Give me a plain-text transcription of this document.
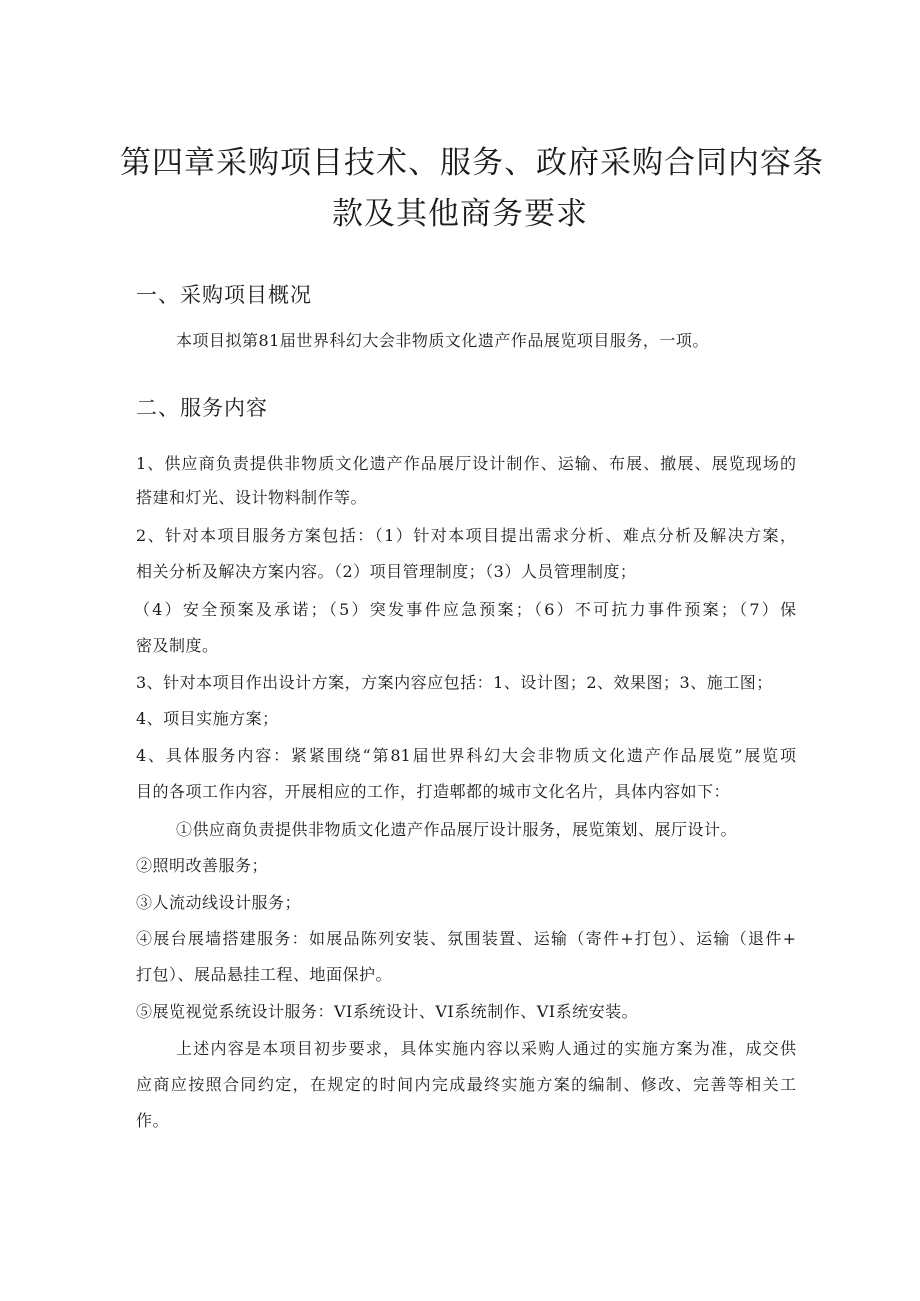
第四章采购项目技术、服务、政府采购合同内容条
款及其他商务要求
一、采购项目概况
本项目拟第81届世界科幻大会非物质文化遗产作品展览项目服务，一项。
二、服务内容
1、供应商负责提供非物质文化遗产作品展厅设计制作、运输、布展、撤展、展览现场的
搭建和灯光、设计物料制作等。
2、针对本项目服务方案包括：（1）针对本项目提出需求分析、难点分析及解决方案，
相关分析及解决方案内容。（2）项目管理制度；（3）人员管理制度；
（4）安全预案及承诺；（5）突发事件应急预案；（6）不可抗力事件预案；（7）保
密及制度。
3、针对本项目作出设计方案，方案内容应包括：1、设计图；2、效果图；3、施工图；
4、项目实施方案；
4、具体服务内容：紧紧围绕“第81届世界科幻大会非物质文化遗产作品展览”展览项
目的各项工作内容，开展相应的工作，打造郫都的城市文化名片，具体内容如下：
①供应商负责提供非物质文化遗产作品展厅设计服务，展览策划、展厅设计。
②照明改善服务；
③人流动线设计服务；
④展台展墙搭建服务：如展品陈列安装、氛围装置、运输（寄件+打包）、运输（退件+
打包）、展品悬挂工程、地面保护。
⑤展览视觉系统设计服务：VI系统设计、VI系统制作、VI系统安装。
上述内容是本项目初步要求，具体实施内容以采购人通过的实施方案为准，成交供
应商应按照合同约定，在规定的时间内完成最终实施方案的编制、修改、完善等相关工
作。
